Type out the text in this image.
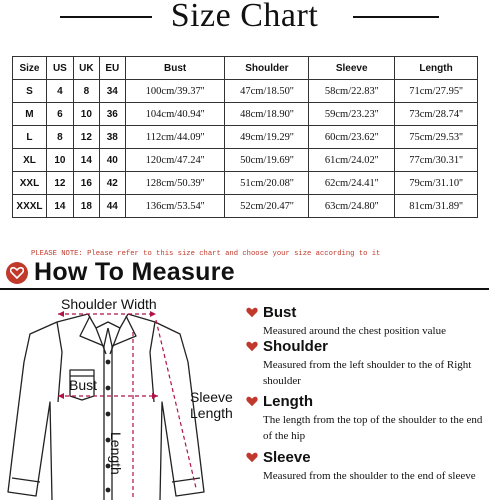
Size Chart
Size	US	UK	EU	Bust	Shoulder	Sleeve	Length
S	4	8	34	100cm/39.37''	47cm/18.50''	58cm/22.83''	71cm/27.95''
M	6	10	36	104cm/40.94''	48cm/18.90''	59cm/23.23''	73cm/28.74''
L	8	12	38	112cm/44.09''	49cm/19.29''	60cm/23.62''	75cm/29.53''
XL	10	14	40	120cm/47.24''	50cm/19.69''	61cm/24.02''	77cm/30.31''
XXL	12	16	42	128cm/50.39''	51cm/20.08''	62cm/24.41''	79cm/31.10''
XXXL	14	18	44	136cm/53.54''	52cm/20.47''	63cm/24.80''	81cm/31.89''
PLEASE NOTE: Please refer to this size chart and choose your size according to it
How To Measure
Shoulder Width
Bust
Sleeve
Length
Length
Bust
Measured around the chest position value
Shoulder
Measured from the left shoulder to the of Right shoulder
Length
The length from the top of the shoulder to the end of the hip
Sleeve
Measured from the shoulder to the end of sleeve
